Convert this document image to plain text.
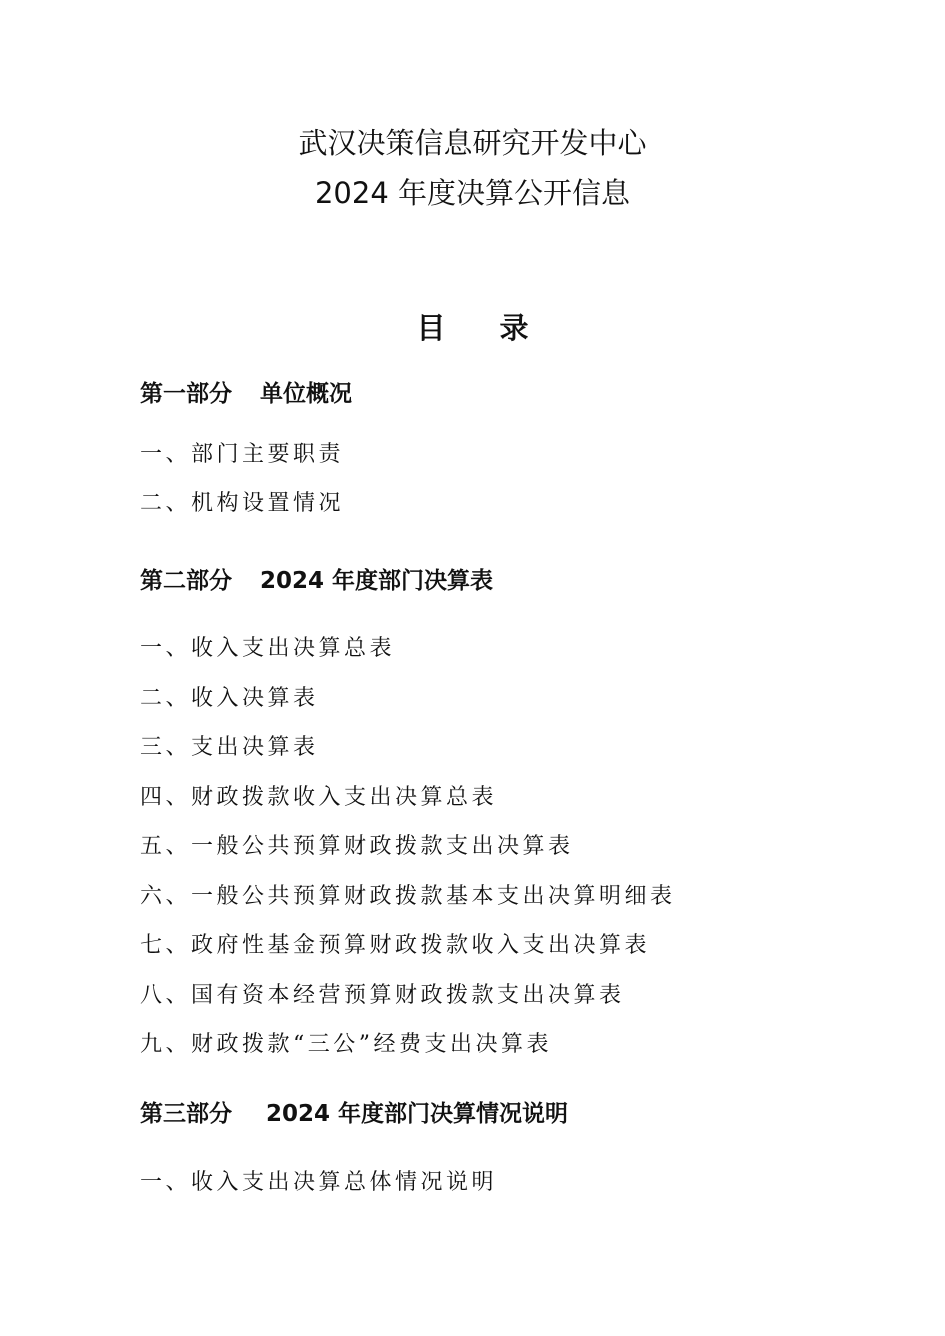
武汉决策信息研究开发中心
2024 年度决算公开信息
目录
第一部分 单位概况
一、部门主要职责
二、机构设置情况
第二部分 2024 年度部门决算表
一、收入支出决算总表
二、收入决算表
三、支出决算表
四、财政拨款收入支出决算总表
五、一般公共预算财政拨款支出决算表
六、一般公共预算财政拨款基本支出决算明细表
七、政府性基金预算财政拨款收入支出决算表
八、国有资本经营预算财政拨款支出决算表
九、财政拨款“三公”经费支出决算表
第三部分 2024 年度部门决算情况说明
一、收入支出决算总体情况说明
